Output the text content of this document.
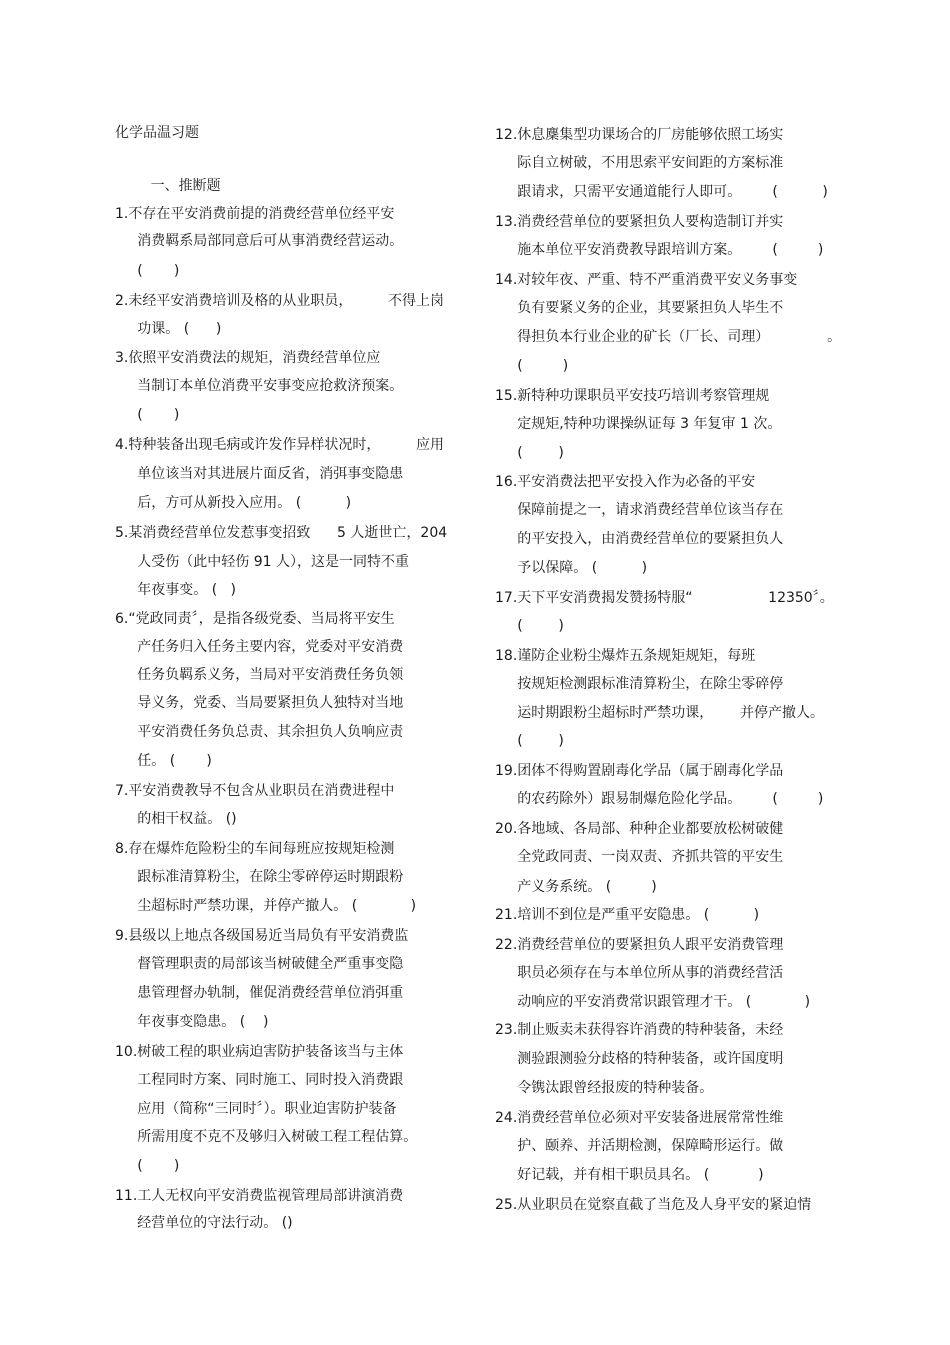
化学品温习题
一、推断题
1.不存在平安消费前提的消费经营单位经平安
消费羁系局部同意后可从事消费经营运动。
(       )
2.未经平安消费培训及格的从业职员，        不得上岗
功课。 (      )
3.依照平安消费法的规矩，消费经营单位应
当制订本单位消费平安事变应抢救济预案。
(       )
4.特种装备出现毛病或许发作异样状况时，        应用
单位该当对其进展片面反省，消弭事变隐患
后，方可从新投入应用。 (          )
5.某消费经营单位发惹事变招致      5 人逝世亡，204
人受伤（此中轻伤 91 人），这是一同特不重
年夜事变。 (   )
6.“党政同责〞，是指各级党委、当局将平安生
产任务归入任务主要内容，党委对平安消费
任务负羁系义务，当局对平安消费任务负领
导义务，党委、当局要紧担负人独特对当地
平安消费任务负总责、其余担负人负响应责
任。 (       )
7.平安消费教导不包含从业职员在消费进程中
的相干权益。 ()
8.存在爆炸危险粉尘的车间每班应按规矩检测
跟标准清算粉尘，在除尘零碎停运时期跟粉
尘超标时严禁功课，并停产撤人。 (            )
9.县级以上地点各级国易近当局负有平安消费监
督管理职责的局部该当树破健全严重事变隐
患管理督办轨制，催促消费经营单位消弭重
年夜事变隐患。 (    )
10.树破工程的职业病迫害防护装备该当与主体
工程同时方案、同时施工、同时投入消费跟
应用（简称“三同时〞）。职业迫害防护装备
所需用度不克不及够归入树破工程工程估算。
(       )
11.工人无权向平安消费监视管理局部讲演消费
经营单位的守法行动。 ()
12.休息麇集型功课场合的厂房能够依照工场实
际自立树破，不用思索平安间距的方案标准
跟请求，只需平安通道能行人即可。       (          )
13.消费经营单位的要紧担负人要构造制订并实
施本单位平安消费教导跟培训方案。       (         )
14.对较年夜、严重、特不严重消费平安义务事变
负有要紧义务的企业，其要紧担负人毕生不
得担负本行业企业的矿长（厂长、司理）             。
(         )
15.新特种功课职员平安技巧培训考察管理规
定规矩,特种功课操纵证每 3 年复审 1 次。
(        )
16.平安消费法把平安投入作为必备的平安
保障前提之一，请求消费经营单位该当存在
的平安投入，由消费经营单位的要紧担负人
予以保障。 (          )
17.天下平安消费揭发赞扬特服“                 12350〞。
(        )
18.谨防企业粉尘爆炸五条规矩规矩，每班
按规矩检测跟标准清算粉尘，在除尘零碎停
运时期跟粉尘超标时严禁功课，      并停产撤人。
(        )
19.团体不得购置剧毒化学品（属于剧毒化学品
的农药除外）跟易制爆危险化学品。       (         )
20.各地域、各局部、种种企业都要放松树破健
全党政同责、一岗双责、齐抓共管的平安生
产义务系统。 (         )
21.培训不到位是严重平安隐患。 (          )
22.消费经营单位的要紧担负人跟平安消费管理
职员必须存在与本单位所从事的消费经营活
动响应的平安消费常识跟管理才干。 (            )
23.制止贩卖未获得容许消费的特种装备，未经
测验跟测验分歧格的特种装备，或许国度明
令镌汰跟曾经报废的特种装备。
24.消费经营单位必须对平安装备进展常常性维
护、颐养、并活期检测，保障畸形运行。做
好记载，并有相干职员具名。 (           )
25.从业职员在觉察直截了当危及人身平安的紧迫情
